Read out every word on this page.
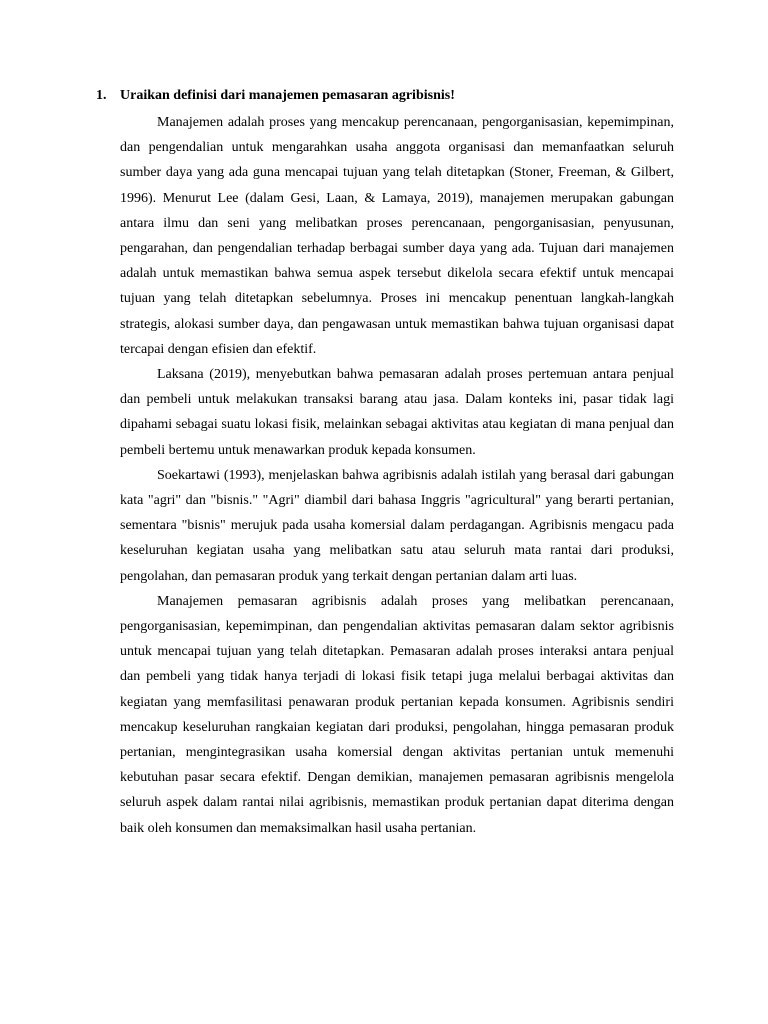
1. Uraikan definisi dari manajemen pemasaran agribisnis!

Manajemen adalah proses yang mencakup perencanaan, pengorganisasian, kepemimpinan, dan pengendalian untuk mengarahkan usaha anggota organisasi dan memanfaatkan seluruh sumber daya yang ada guna mencapai tujuan yang telah ditetapkan (Stoner, Freeman, & Gilbert, 1996). Menurut Lee (dalam Gesi, Laan, & Lamaya, 2019), manajemen merupakan gabungan antara ilmu dan seni yang melibatkan proses perencanaan, pengorganisasian, penyusunan, pengarahan, dan pengendalian terhadap berbagai sumber daya yang ada. Tujuan dari manajemen adalah untuk memastikan bahwa semua aspek tersebut dikelola secara efektif untuk mencapai tujuan yang telah ditetapkan sebelumnya. Proses ini mencakup penentuan langkah-langkah strategis, alokasi sumber daya, dan pengawasan untuk memastikan bahwa tujuan organisasi dapat tercapai dengan efisien dan efektif.

Laksana (2019), menyebutkan bahwa pemasaran adalah proses pertemuan antara penjual dan pembeli untuk melakukan transaksi barang atau jasa. Dalam konteks ini, pasar tidak lagi dipahami sebagai suatu lokasi fisik, melainkan sebagai aktivitas atau kegiatan di mana penjual dan pembeli bertemu untuk menawarkan produk kepada konsumen.

Soekartawi (1993), menjelaskan bahwa agribisnis adalah istilah yang berasal dari gabungan kata "agri" dan "bisnis." "Agri" diambil dari bahasa Inggris "agricultural" yang berarti pertanian, sementara "bisnis" merujuk pada usaha komersial dalam perdagangan. Agribisnis mengacu pada keseluruhan kegiatan usaha yang melibatkan satu atau seluruh mata rantai dari produksi, pengolahan, dan pemasaran produk yang terkait dengan pertanian dalam arti luas.

Manajemen pemasaran agribisnis adalah proses yang melibatkan perencanaan, pengorganisasian, kepemimpinan, dan pengendalian aktivitas pemasaran dalam sektor agribisnis untuk mencapai tujuan yang telah ditetapkan. Pemasaran adalah proses interaksi antara penjual dan pembeli yang tidak hanya terjadi di lokasi fisik tetapi juga melalui berbagai aktivitas dan kegiatan yang memfasilitasi penawaran produk pertanian kepada konsumen. Agribisnis sendiri mencakup keseluruhan rangkaian kegiatan dari produksi, pengolahan, hingga pemasaran produk pertanian, mengintegrasikan usaha komersial dengan aktivitas pertanian untuk memenuhi kebutuhan pasar secara efektif. Dengan demikian, manajemen pemasaran agribisnis mengelola seluruh aspek dalam rantai nilai agribisnis, memastikan produk pertanian dapat diterima dengan baik oleh konsumen dan memaksimalkan hasil usaha pertanian.
